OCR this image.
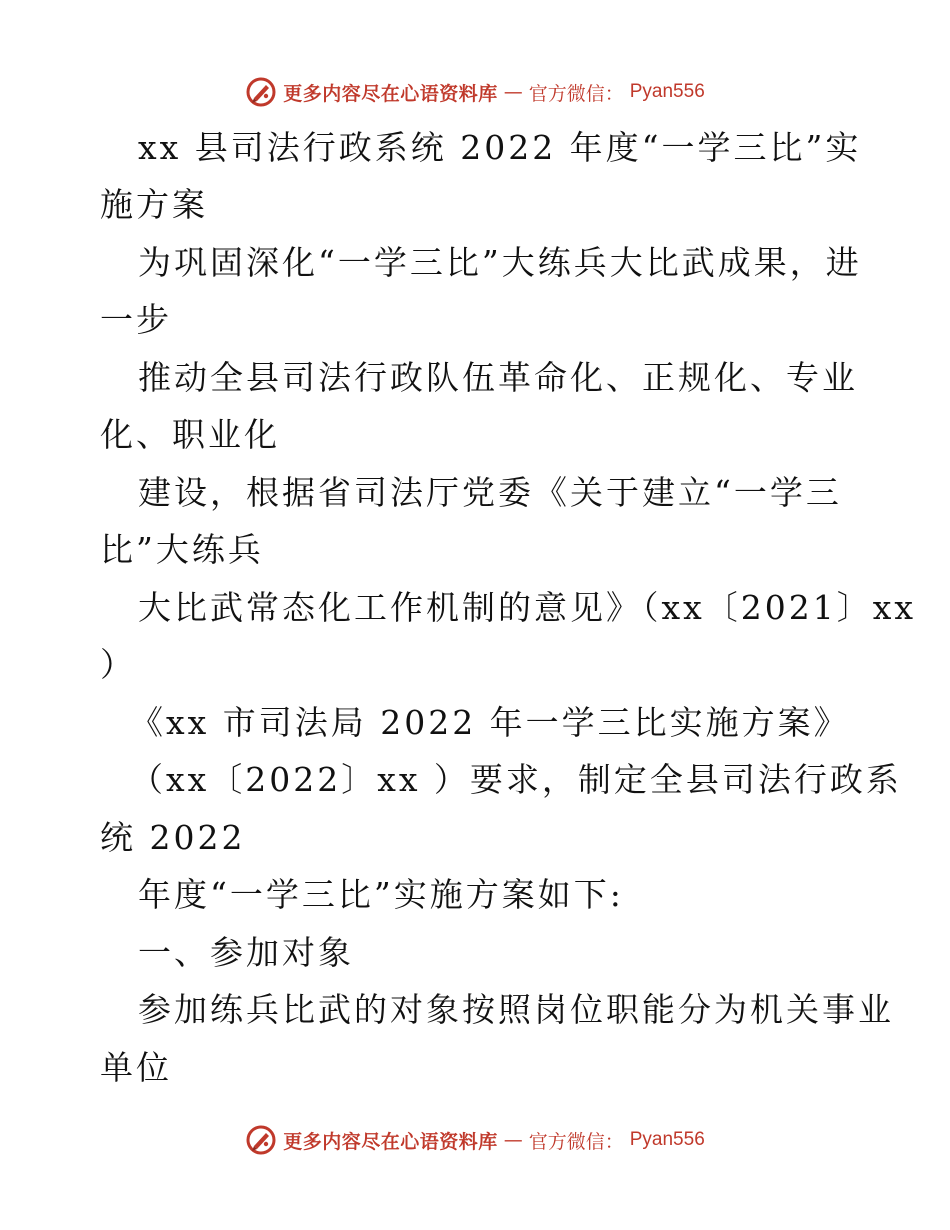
更多内容尽在心语资料库 — 官方微信： Pyan556
xx 县司法行政系统 2022 年度“一学三比”实
施方案
为巩固深化“一学三比”大练兵大比武成果，进
一步
推动全县司法行政队伍革命化、正规化、专业
化、职业化
建设，根据省司法厅党委《关于建立“一学三
比”大练兵
大比武常态化工作机制的意见》（xx〔2021〕xx
）
《xx 市司法局 2022 年一学三比实施方案》
（xx〔2022〕xx ）要求，制定全县司法行政系
统 2022
年度“一学三比”实施方案如下:
一、参加对象
参加练兵比武的对象按照岗位职能分为机关事业
单位
更多内容尽在心语资料库 — 官方微信： Pyan556
